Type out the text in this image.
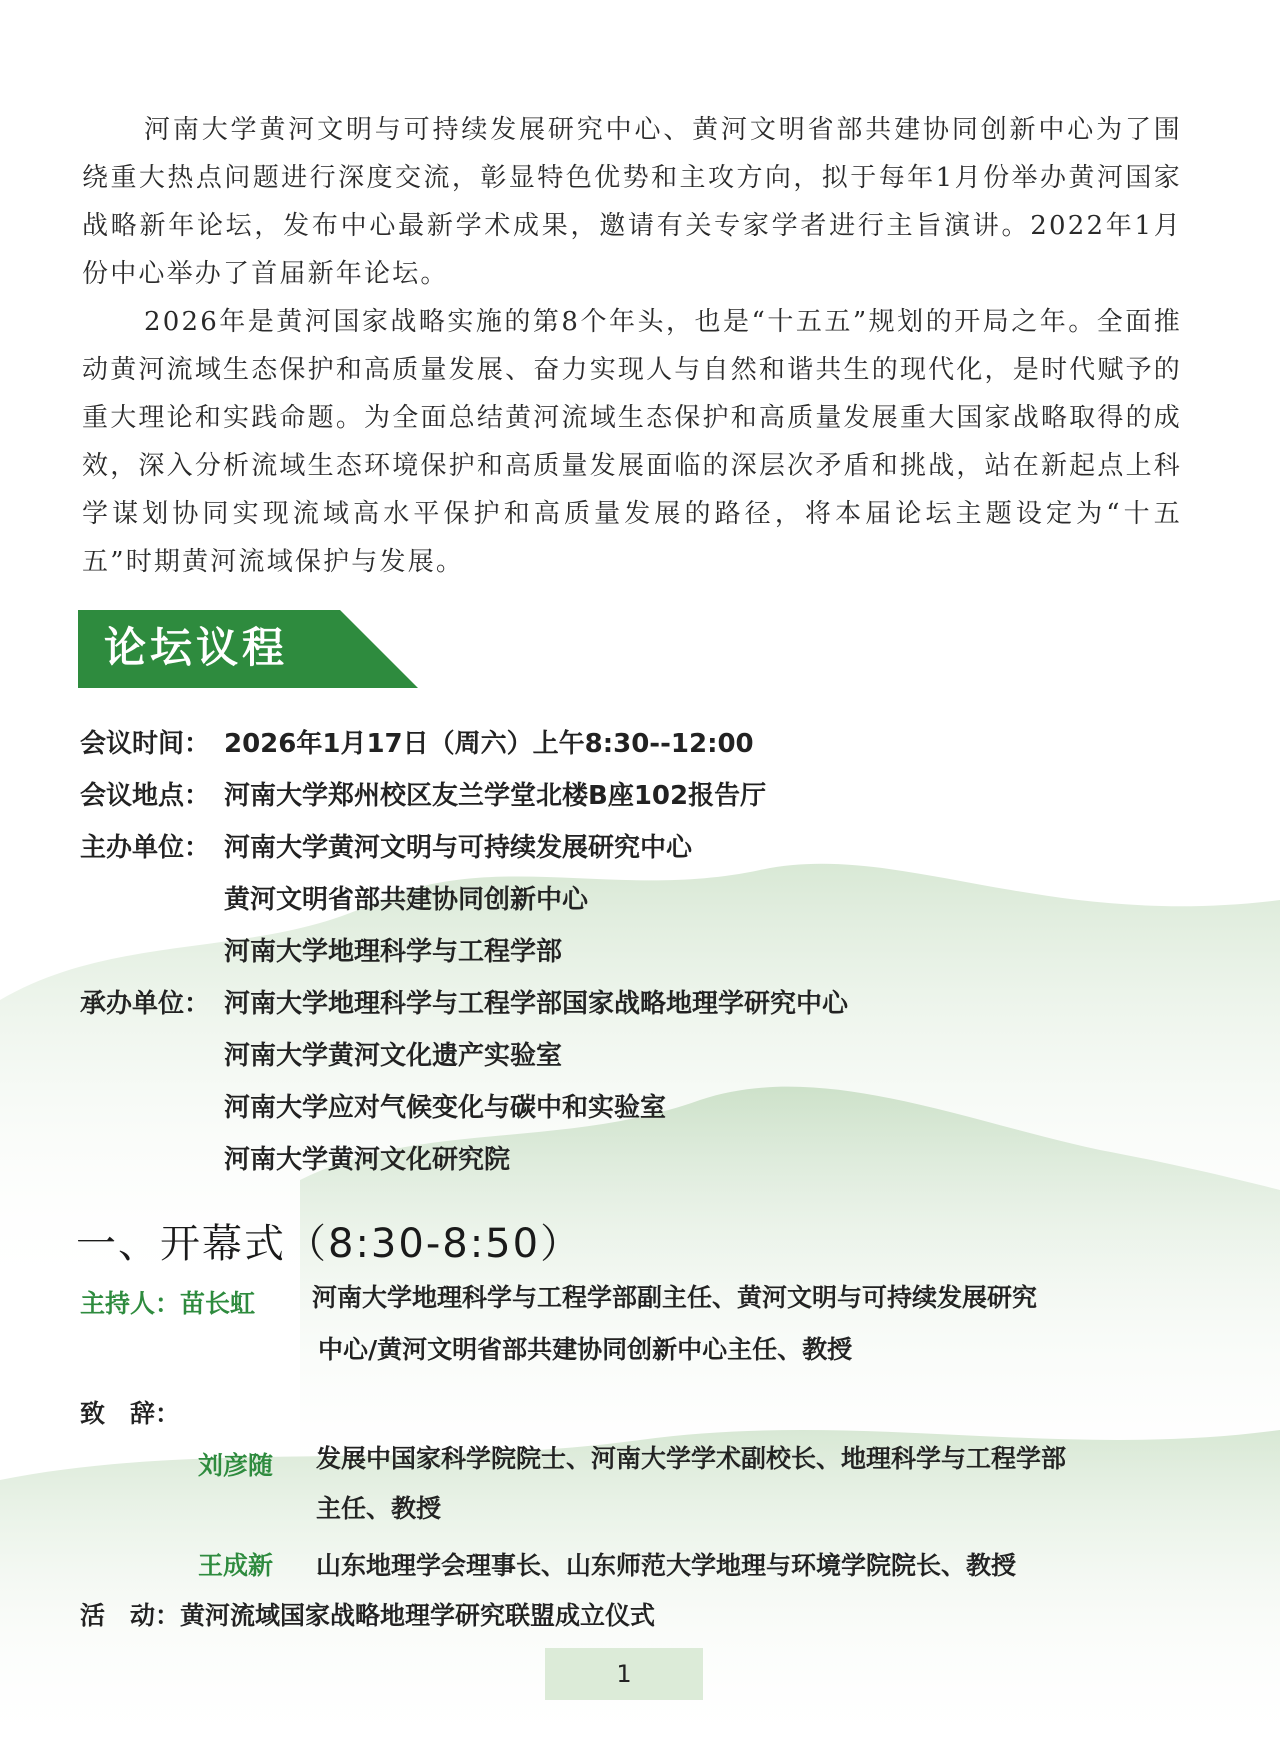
河南大学黄河文明与可持续发展研究中心、黄河文明省部共建协同创新中心为了围绕重大热点问题进行深度交流，彰显特色优势和主攻方向，拟于每年1月份举办黄河国家战略新年论坛，发布中心最新学术成果，邀请有关专家学者进行主旨演讲。2022年1月份中心举办了首届新年论坛。

2026年是黄河国家战略实施的第8个年头，也是“十五五”规划的开局之年。全面推动黄河流域生态保护和高质量发展、奋力实现人与自然和谐共生的现代化，是时代赋予的重大理论和实践命题。为全面总结黄河流域生态保护和高质量发展重大国家战略取得的成效，深入分析流域生态环境保护和高质量发展面临的深层次矛盾和挑战，站在新起点上科学谋划协同实现流域高水平保护和高质量发展的路径，将本届论坛主题设定为“十五五”时期黄河流域保护与发展。

论坛议程
会议时间： 2026年1月17日（周六）上午8:30--12:00
会议地点： 河南大学郑州校区友兰学堂北楼B座102报告厅
主办单位： 河南大学黄河文明与可持续发展研究中心
黄河文明省部共建协同创新中心
河南大学地理科学与工程学部
承办单位： 河南大学地理科学与工程学部国家战略地理学研究中心
河南大学黄河文化遗产实验室
河南大学应对气候变化与碳中和实验室
河南大学黄河文化研究院
一、开幕式（8:30-8:50）
主持人：苗长虹 河南大学地理科学与工程学部副主任、黄河文明与可持续发展研究
中心/黄河文明省部共建协同创新中心主任、教授
致　辞：
刘彦随 发展中国家科学院院士、河南大学学术副校长、地理科学与工程学部
主任、教授
王成新 山东地理学会理事长、山东师范大学地理与环境学院院长、教授
活　动：黄河流域国家战略地理学研究联盟成立仪式
1
